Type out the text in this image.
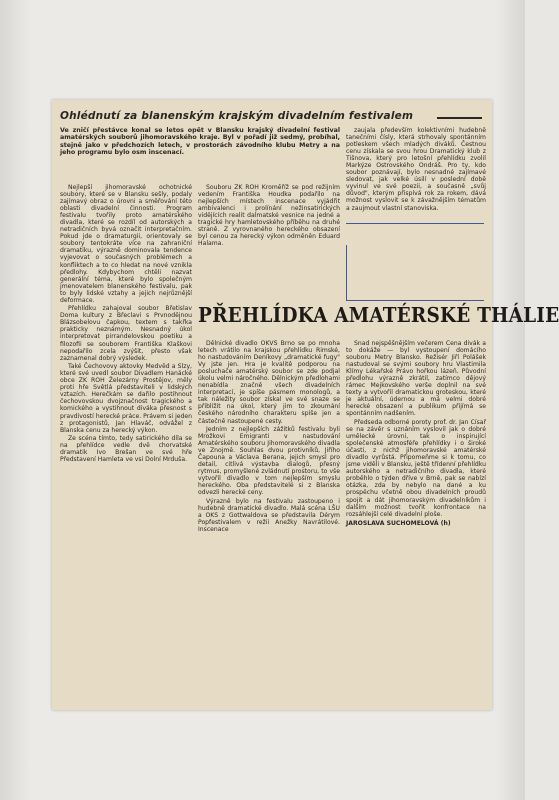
Ohlédnutí za blanenským krajským divadelním festivalem
Ve zničí přestávce konal se letos opět v Blansku krajský divadelní festival amatérských souborů jihomoravského kraje. Byl v pořadí již sedmý, probíhal, stejně jako v předchozích letech, v prostorách závodního klubu Metry a na jeho programu bylo osm inscenací.

Nejlepší jihomoravské ochotnické soubory, které se v Blansku sešly, podaly zajímavý obraz o úrovni a směřování této oblasti divadelní činnosti. Program festivalu tvořily proto amatérského divadla, které se rozdíl od autorských a netradičních byvá označit interpretačním. Pokud jde o dramaturgii, orientovaly se soubory tentokráte více na zahraniční dramatiku, výrazně dominovala tendence vyjevovat o současných problémech a konfliktech a to co hledat na nové vznikla předlohy. Kdybychom chtěli nazvat generální téma, které bylo společným jmenovatelem blanenského festivalu, pak to byly lidské vztahy a jejich nejrůznější deformace.

Přehlídku zahajoval soubor Břetislav Doma kultury z Břeclavi s Prvnodějnou Blázsobelovu čapkou, textem s takřka prakticky neznámým. Nesnadný úkol interpretovat pirrandelovskou poetiku a filozofii se souborem Františka Klaškovi nepodařilo zcela zvýšit, přesto však zaznamenal dobrý výsledek.

Také Čechovovy aktovky Medvěd a Slzy, které své uvedl soubor Divadlem Hanácké obce ZK ROH Železárny Prostějov, měly proti hře Světlá představiteli v lidských vztazích. Herečkám se dařilo postihnout čechovovskou dvojznačnost tragického a komického a vystihnout diváka přesnost s pravdivostí herecké práce. Právem si jeden z protagonistů, Jan Hlaváč, odvážel z Blanska cenu za herecký výkon.

Ze scéna tímto, tedy satirického díla se na přehlídce vedle dvě chorvatské dramatik Ivo Brešan ve své hře Představení Hamleta ve vsi Dolní Mrduša.

Souboru ZK ROH Kroměříž se pod režijním vedením Františka Houdka podařilo na nejlepších místech inscenace vyjádřit ambivalenci i prolínání nežinsatirických vidějících realit dalmatské vesnice na jedné a tragické hry hamletovského příběhu na druhé straně. Z vyrovnaného hereckého obsazení byl cenou za herecký výkon odměněn Eduard Halama.

zaujala především kolektivními hudebně tanečními čísly, která strhovaly spontánním potleskem všech mladých diváků. Čestnou cenu získala se svou hrou Dramatický klub z Tišnova, který pro letošní přehlídku zvolil Markýze Ostrovského Ondráš. Pro ty, kdo soubor poznávají, bylo nesnadné zajímavé sledovat, jak velké úsilí v poslední době vyvinul ve své poezii, a současně „svůj důvod", kterým přispívá rok za rokem, dává možnost vyslovit se k závažnějším tématům a zaujmout vlastní stanoviska.

PŘEHLÍDKA AMATÉRSKÉ THÁLIE

Dělnické divadlo OKVS Brno se po mnoha letech vrátilo na krajskou přehlídku Rimské, ho nastudováním Deníkovy „dramatické fugy" Vy jste jen. Hra je kvalitě podporou na posluchače amatérský soubor se zde podjal úkolu velmi náročného. Dělnickým předlohami nenabídla značně všech divadelních interpretací, je spíše pásmem monologů, a tak náležity soubor získal ve své snaze se přiblížit na úkol, který jim to zkoumání českého národního charakteru spíše jen a částečně nastoupené cesty.

Jedním z nejlepších zážitků festivalu byli Mrožkovi Emigranti v nastudování Amatérského souboru Jihomoravského divadla ve Znojmě. Souhlas dvou protivníků, Jiřího Čapouna a Václava Berana, jejich smysl pro detail, citlivá výstavba dialogů, přesný rytmus, promyšlené zvládnutí prostoru, to vše vytvořil divadlo v tom nejlepším smyslu hereckého. Oba představitelé si z Blanska odvezli herecké ceny.

Výrazně bylo na festivalu zastoupeno i hudebně dramatické divadlo. Malá scéna LŠU a OKS z Gottwaldova se představila Dérym Popfestivalem v režii Anežky Navrátilové. Inscenace

Snad nejspěšnějším večerem Cena divák a to dokáže — byl vystoupení domácího souboru Metry Blansko. Režisér Jiří Polášek nastudoval se svými soubory hru Vlastimila Klímy Lékařské Právo hořkou lázeň. Původní předlohu výrazně zkrátil, zatímco dějový rámec Mejkovského verše doplnil na své texty a vytvořil dramatickou groteskou, které je aktuální, údernou a má velmi dobré herecké obsazení a publikum přijímá se spontánním nadšením.

Předseda odborné poroty prof. dr. Jan Císař se na závěr s uznáním vyslovil jak o dobré umělecké úrovni, tak o inspirující společenské atmosféře přehlídky i o široké účasti, z nichž jihomoravské amatérské divadlo vyrůstá. Připomeňme si k tomu, co jsme viděli v Blansku, ještě třídenní přehlídku autorského a netradičního divadla, které proběhlo o týden dříve v Brně, pak se nabízí otázka, zda by nebylo na dané a ku prospěchu včetně obou divadelních proudů spojit a dát jihomoravským divadelníkům i dalším možnost tvořit konfrontace na rozsáhlejší celé divadelní ploše.

JAROSLAVA SUCHOMELOVÁ (h)
